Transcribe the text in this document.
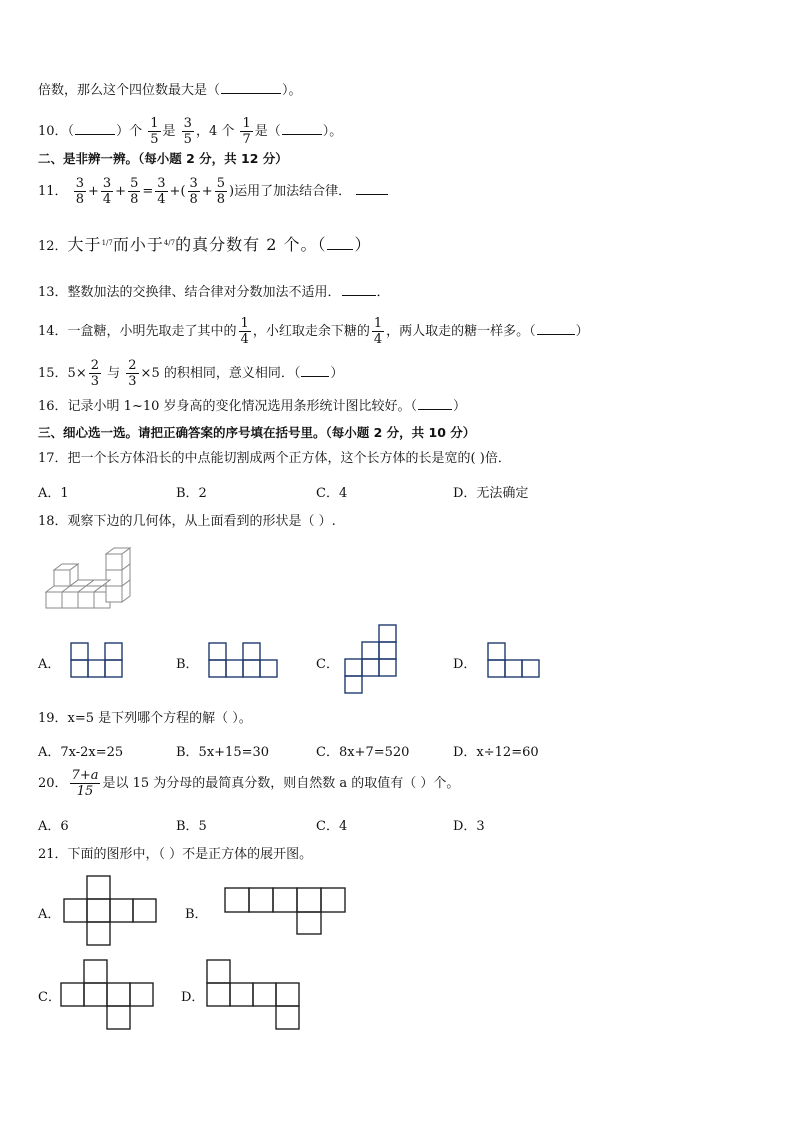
倍数，那么这个四位数最大是（	）。
10．（	）个 $\frac{1}{5}$ 是 $\frac{3}{5}$ ，4 个 $\frac{1}{7}$ 是（	）。
二、是非辨一辨。（每小题 2 分，共 12 分）
11． $\frac{3}{8} + \frac{3}{4} + \frac{5}{8} = \frac{3}{4}$ +( $\frac{3}{8} + \frac{5}{8}$ )运用了加法结合律．
12．大于$^{1/7}$而小于$^{4/7}$的真分数有 2 个。（ ）
13．整数加法的交换律、结合律对分数加法不适用．	．
14．一盒糖，小明先取走了其中的 $\frac{1}{4}$ ，小红取走余下糖的 $\frac{1}{4}$ ，两人取走的糖一样多。（	）
15．$5\times \frac{2}{3}$ 与 $\frac{2}{3} \times 5$ 的积相同，意义相同．（ ）
16．记录小明 1~10 岁身高的变化情况选用条形统计图比较好。（	）
三、细心选一选。请把正确答案的序号填在括号里。（每小题 2 分，共 10 分）
17．把一个长方体沿长的中点能切割成两个正方体，这个长方体的长是宽的( )倍．
A．1	B．2	C．4	D．无法确定
18．观察下边的几何体，从上面看到的形状是（ ）.
A．	B．	C．	D．
19．x=5 是下列哪个方程的解（ ）。
A．7x-2x=25	B．5x+15=30	C．8x+7=520	D．x÷12=60
20． $\frac{7+a}{15}$ 是以 15 为分母的最简真分数，则自然数 a 的取值有（ ）个。
A．6	B．5	C．4	D．3
21．下面的图形中，（ ）不是正方体的展开图。
A．	B．
C．	D．
